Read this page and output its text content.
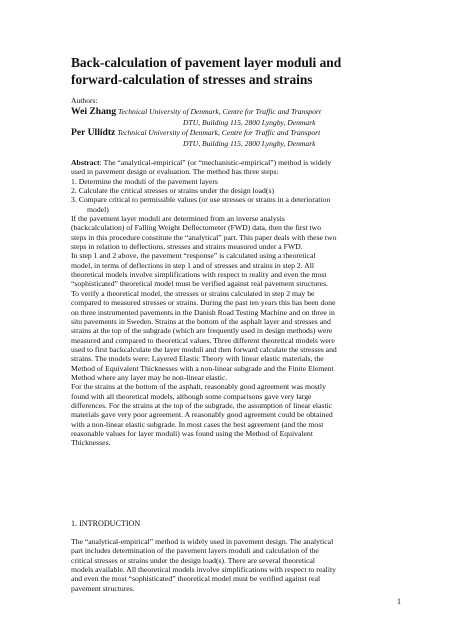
Back-calculation of pavement layer moduli and
forward-calculation of stresses and strains
Authors:
Wei Zhang Technical University of Denmark, Centre for Traffic and Transport
DTU, Building 115, 2800 Lyngby, Denmark
Per Ullidtz Technical University of Denmark, Centre for Traffic and Transport
DTU, Building 115, 2800 Lyngby, Denmark
Abstract: The “analytical-empirical” (or “mechanistic-empirical”) method is widely
used in pavement design or evaluation. The method has three steps:
1. Determine the moduli of the pavement layers
2. Calculate the critical stresses or strains under the design load(s)
3. Compare critical to permissible values (or use stresses or strains in a deterioration
model)
If the pavement layer moduli are determined from an inverse analysis
(backcalculation) of Falling Weight Deflectometer (FWD) data, then the first two
steps in this procedure constitute the “analytical” part. This paper deals with these two
steps in relation to deflections, stresses and strains measured under a FWD.
In step 1 and 2 above, the pavement “response” is calculated using a theoretical
model, in terms of deflections in step 1 and of stresses and strains in step 2. All
theoretical models involve simplifications with respect to reality and even the most
“sophisticated” theoretical model must be verified against real pavement structures.
To verify a theoretical model, the stresses or strains calculated in step 2 may be
compared to measured stresses or strains. During the past ten years this has been done
on three instrumented pavements in the Danish Road Testing Machine and on three in
situ pavements in Sweden. Strains at the bottom of the asphalt layer and stresses and
strains at the top of the subgrade (which are frequently used in design methods) were
measured and compared to theoretical values. Three different theoretical models were
used to first backcalculate the layer moduli and then forward calculate the stresses and
strains. The models were: Layered Elastic Theory with linear elastic materials, the
Method of Equivalent Thicknesses with a non-linear subgrade and the Finite Element
Method where any layer may be non-linear elastic.
For the strains at the bottom of the asphalt, reasonably good agreement was mostly
found with all theoretical models, although some comparisons gave very large
differences. For the strains at the top of the subgrade, the assumption of linear elastic
materials gave very poor agreement. A reasonably good agreement could be obtained
with a non-linear elastic subgrade. In most cases the best agreement (and the most
reasonable values for layer moduli) was found using the Method of Equivalent
Thicknesses.
1. INTRODUCTION
The “analytical-empirical” method is widely used in pavement design. The analytical
part includes determination of the pavement layers moduli and calculation of the
critical stresses or strains under the design load(s). There are several theoretical
models available. All theoretical models involve simplifications with respect to reality
and even the most “sophisticated” theoretical model must be verified against real
pavement structures.
1
